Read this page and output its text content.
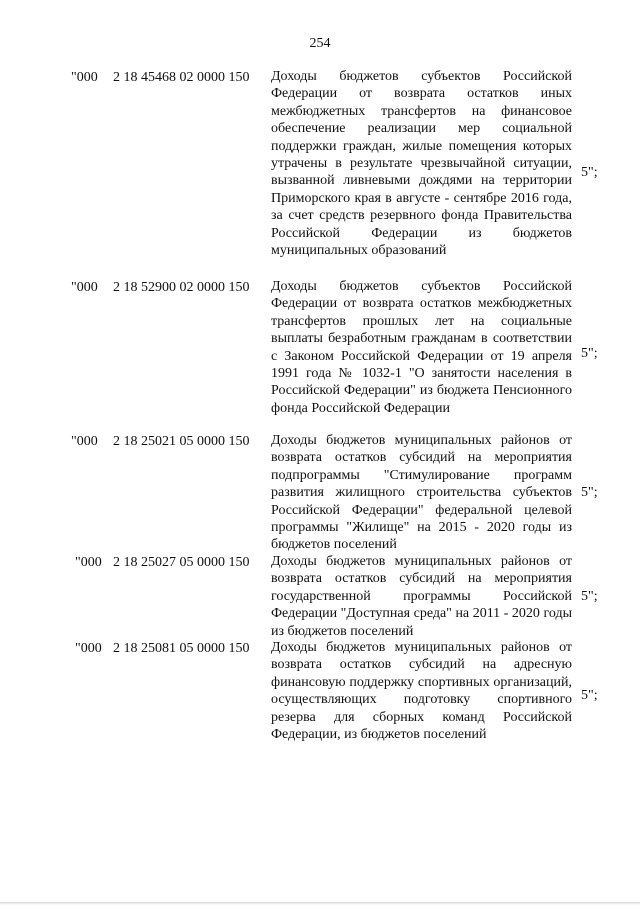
254
"000 2 18 45468 02 0000 150 Доходы бюджетов субъектов Российской Федерации от возврата остатков иных межбюджетных трансфертов на финансовое обеспечение реализации мер социальной поддержки граждан, жилые помещения которых утрачены в результате чрезвычайной ситуации, вызванной ливневыми дождями на территории Приморского края в августе - сентябре 2016 года, за счет средств резервного фонда Правительства Российской Федерации из бюджетов муниципальных образований
5";
"000 2 18 52900 02 0000 150 Доходы бюджетов субъектов Российской Федерации от возврата остатков межбюджетных трансфертов прошлых лет на социальные выплаты безработным гражданам в соответствии с Законом Российской Федерации от 19 апреля 1991 года № 1032-1 "О занятости населения в Российской Федерации" из бюджета Пенсионного фонда Российской Федерации
5";
"000 2 18 25021 05 0000 150 Доходы бюджетов муниципальных районов от возврата остатков субсидий на мероприятия подпрограммы "Стимулирование программ развития жилищного строительства субъектов Российской Федерации" федеральной целевой программы "Жилище" на 2015 - 2020 годы из бюджетов поселений
5";
"000 2 18 25027 05 0000 150 Доходы бюджетов муниципальных районов от возврата остатков субсидий на мероприятия государственной программы Российской Федерации "Доступная среда" на 2011 - 2020 годы из бюджетов поселений
5";
"000 2 18 25081 05 0000 150 Доходы бюджетов муниципальных районов от возврата остатков субсидий на адресную финансовую поддержку спортивных организаций, осуществляющих подготовку спортивного резерва для сборных команд Российской Федерации, из бюджетов поселений
5";
